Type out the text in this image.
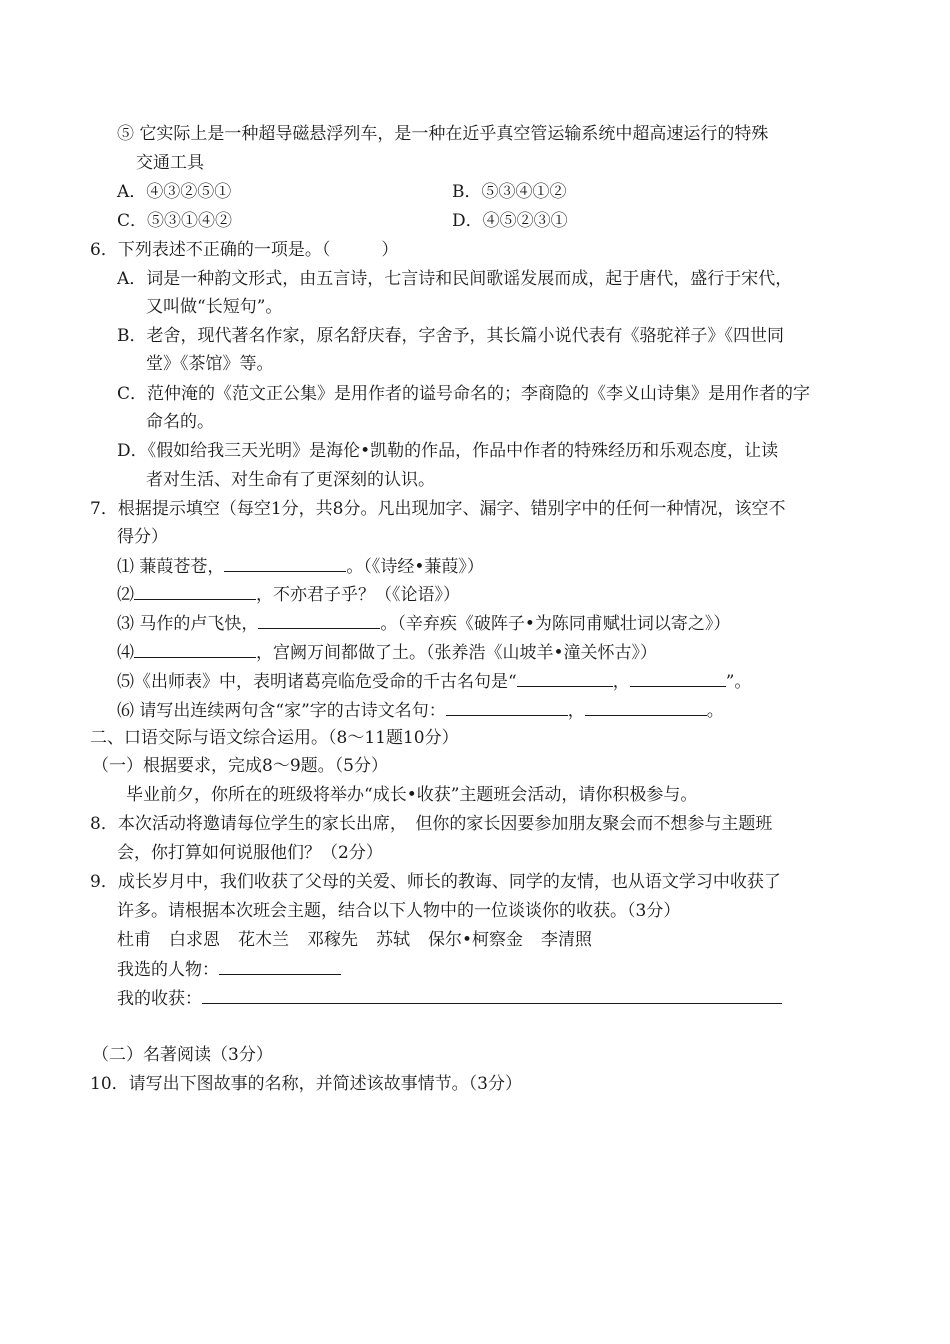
⑤ 它实际上是一种超导磁悬浮列车，是一种在近乎真空管运输系统中超高速运行的特殊
交通工具
A．④③②⑤①	B．⑤③④①②
C．⑤③①④②	D．④⑤②③①
6．下列表述不正确的一项是。（　　　）
A．词是一种韵文形式，由五言诗，七言诗和民间歌谣发展而成，起于唐代，盛行于宋代，
又叫做“长短句”。
B．老舍，现代著名作家，原名舒庆春，字舍予，其长篇小说代表有《骆驼祥子》《四世同
堂》《茶馆》等。
C．范仲淹的《范文正公集》是用作者的谥号命名的；李商隐的《李义山诗集》是用作者的字
命名的。
D．《假如给我三天光明》是海伦•凯勒的作品，作品中作者的特殊经历和乐观态度，让读
者对生活、对生命有了更深刻的认识。
7．根据提示填空（每空1分，共8分。凡出现加字、漏字、错别字中的任何一种情况，该空不
得分）
⑴ 蒹葭苍苍，	。（《诗经•蒹葭》）
⑵	，不亦君子乎？（《论语》）
⑶ 马作的卢飞快，	。（辛弃疾《破阵子•为陈同甫赋壮词以寄之》）
⑷	，宫阙万间都做了土。（张养浩《山坡羊•潼关怀古》）
⑸《出师表》中，表明诸葛亮临危受命的千古名句是“	，	”。
⑹ 请写出连续两句含“家”字的古诗文名句：	，	。
二、口语交际与语文综合运用。（8～11题10分）
（一）根据要求，完成8～9题。（5分）
毕业前夕，你所在的班级将举办“成长•收获”主题班会活动，请你积极参与。
8．本次活动将邀请每位学生的家长出席，　但你的家长因要参加朋友聚会而不想参与主题班
会，你打算如何说服他们？（2分）
9．成长岁月中，我们收获了父母的关爱、师长的教诲、同学的友情，也从语文学习中收获了
许多。请根据本次班会主题，结合以下人物中的一位谈谈你的收获。（3分）
杜甫 白求恩 花木兰 邓稼先 苏轼 保尔•柯察金 李清照
我选的人物：
我的收获：
（二）名著阅读（3分）
10．请写出下图故事的名称，并简述该故事情节。（3分）
